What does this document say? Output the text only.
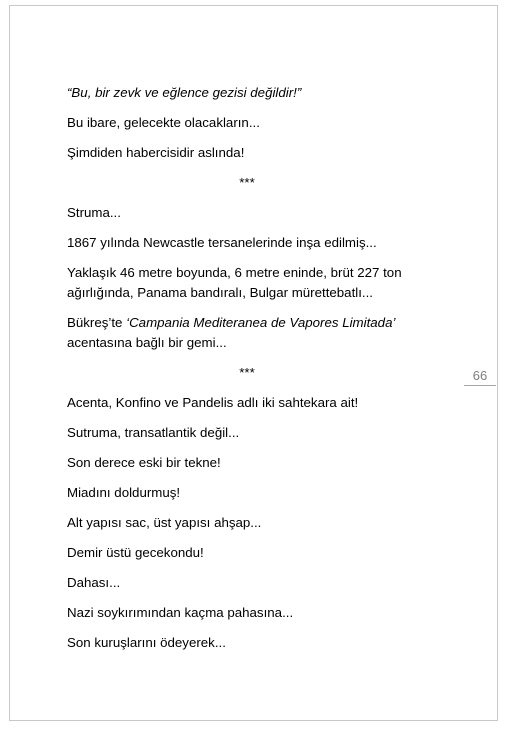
“Bu, bir zevk ve eğlence gezisi değildir!”

Bu ibare, gelecekte olacakların...

Şimdiden habercisidir aslında!

***

Struma...

1867 yılında Newcastle tersanelerinde inşa edilmiş...

Yaklaşık 46 metre boyunda, 6 metre eninde, brüt 227 ton ağırlığında, Panama bandıralı, Bulgar mürettebatlı...

Bükreş’te ‘Campania Mediteranea de Vapores Limitada’ acentasına bağlı bir gemi...

***

Acenta, Konfino ve Pandelis adlı iki sahtekara ait!

Sutruma, transatlantik değil...

Son derece eski bir tekne!

Miadını doldurmuş!

Alt yapısı sac, üst yapısı ahşap...

Demir üstü gecekondu!

Dahası...

Nazi soykırımından kaçma pahasına...

Son kuruşlarını ödeyerek...

66
